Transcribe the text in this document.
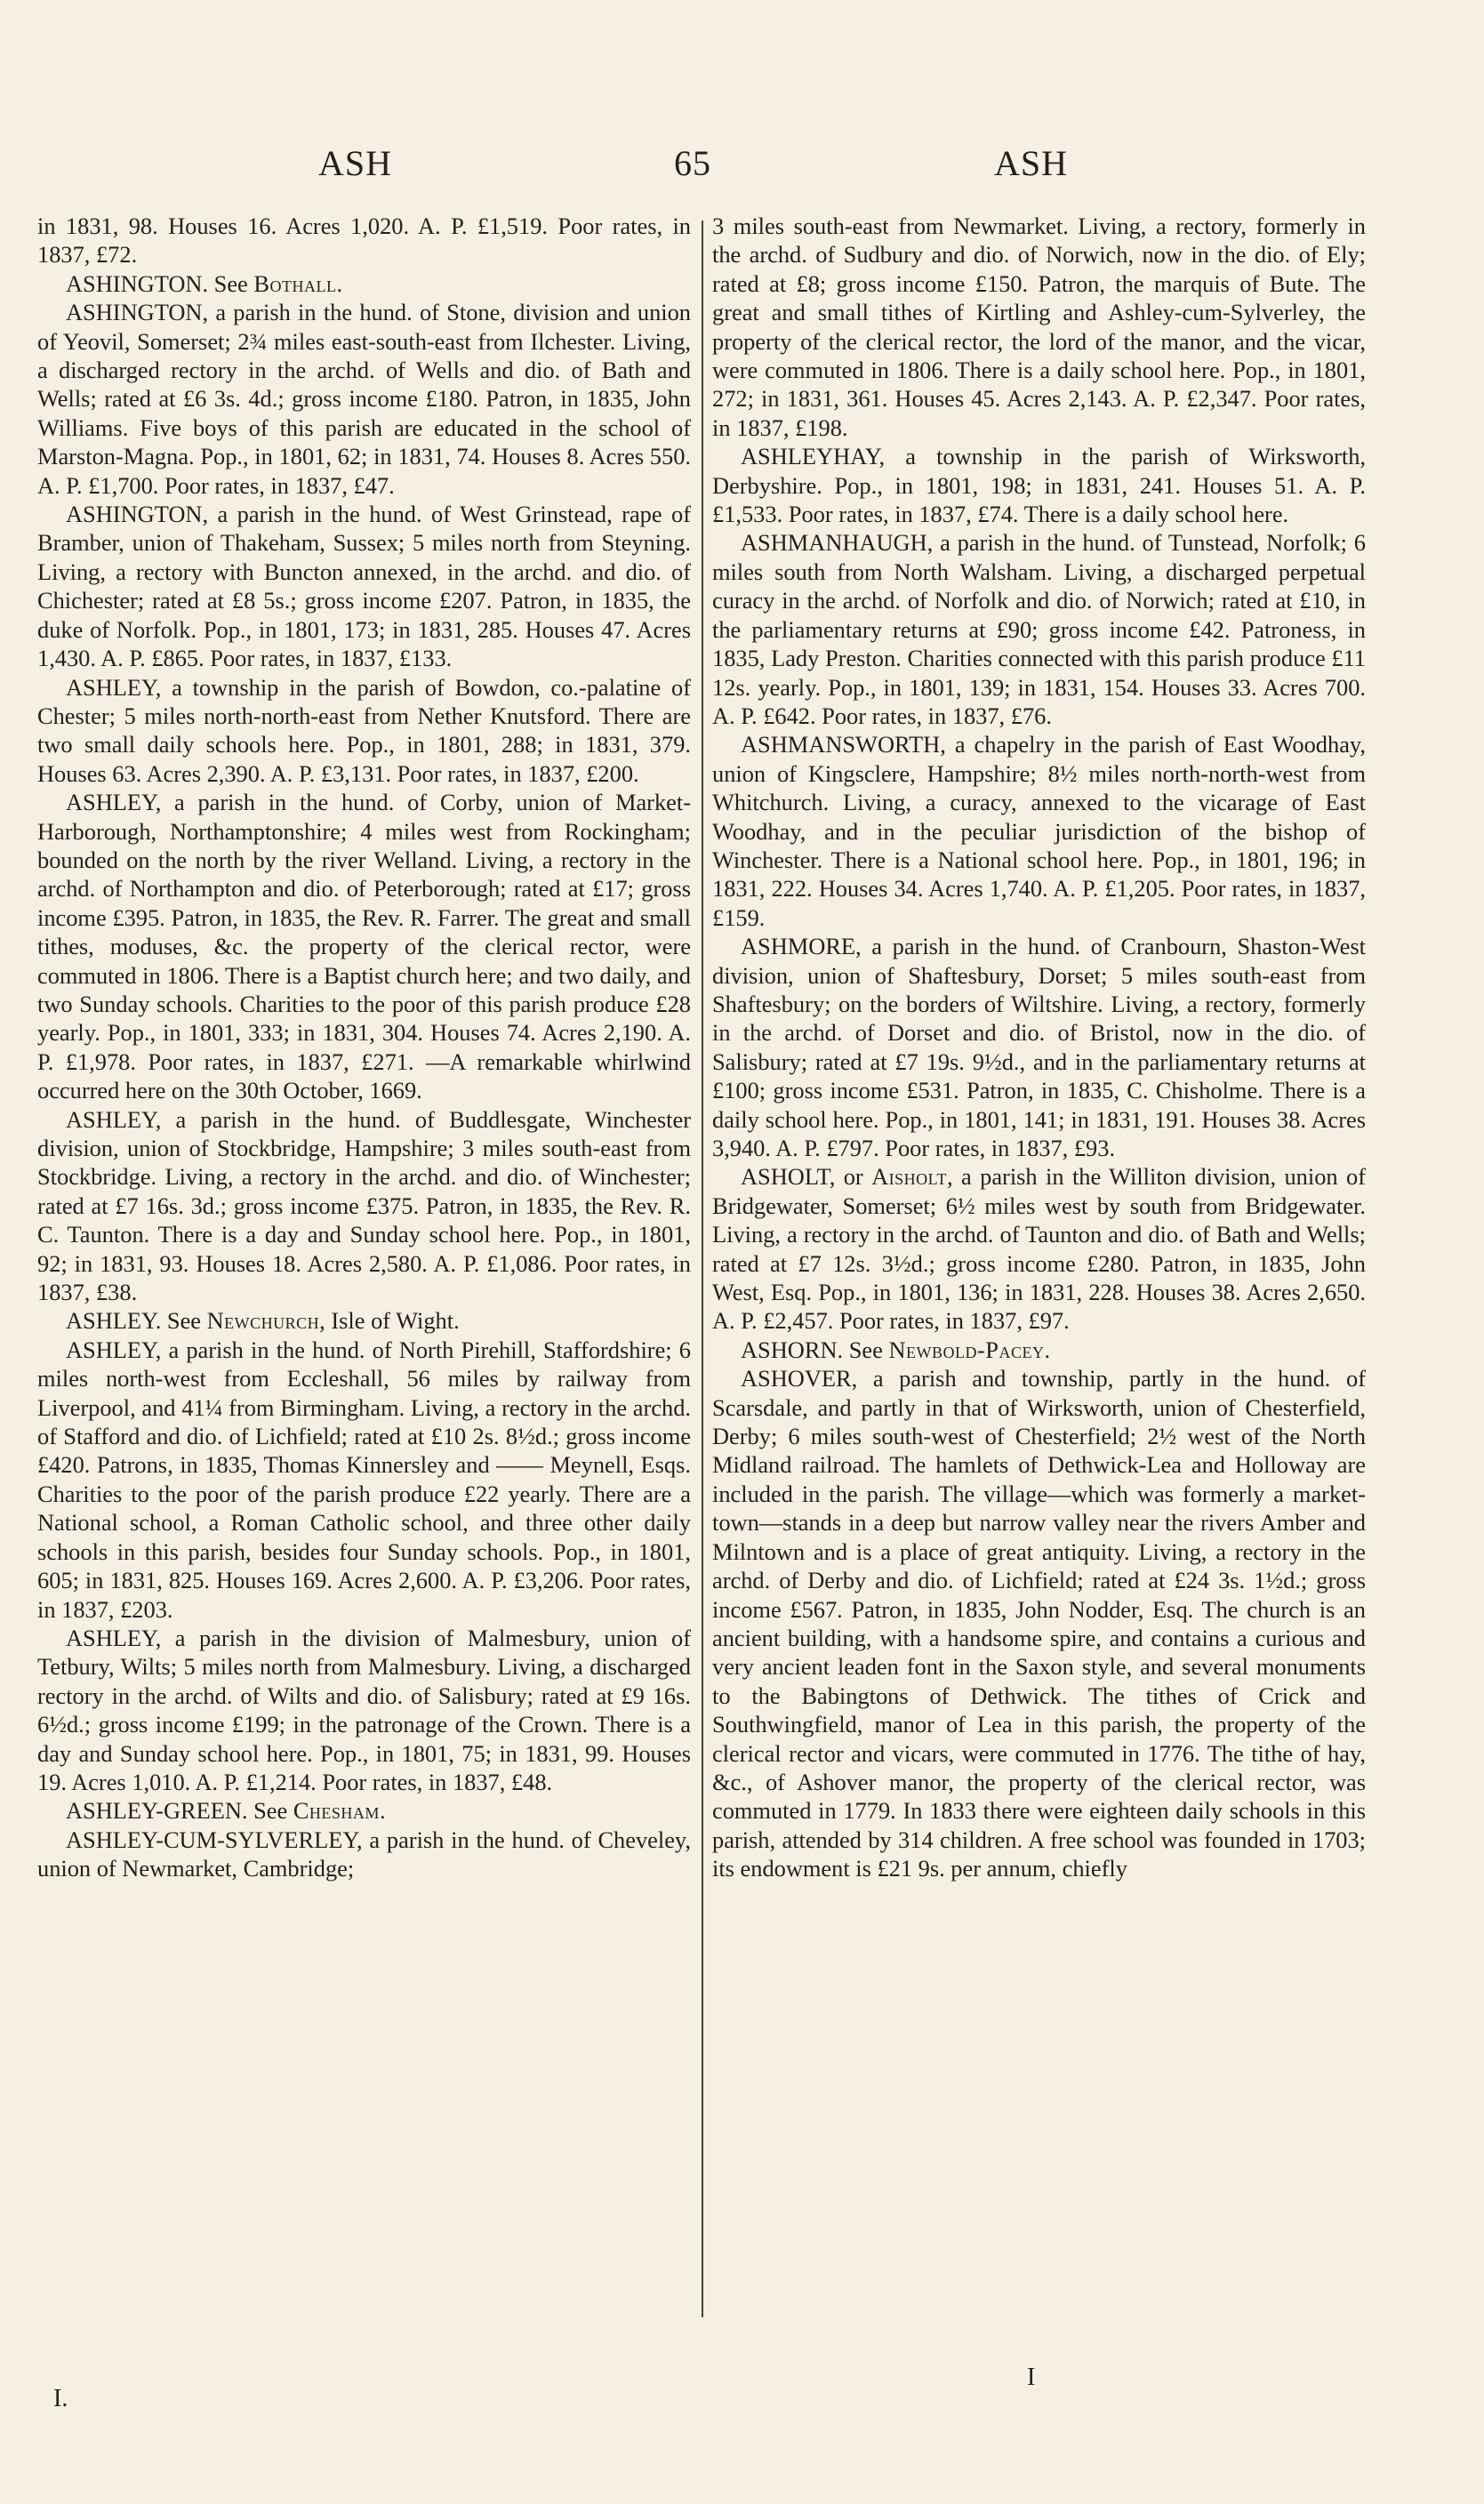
ASH	65	ASH

in 1831, 98. Houses 16. Acres 1,020. A. P. £1,519. Poor rates, in 1837, £72.

ASHINGTON. See Bothall.

ASHINGTON, a parish in the hund. of Stone, division and union of Yeovil, Somerset; 2¾ miles east-south-east from Ilchester. Living, a discharged rectory in the archd. of Wells and dio. of Bath and Wells; rated at £6 3s. 4d.; gross income £180. Patron, in 1835, John Williams. Five boys of this parish are educated in the school of Marston-Magna. Pop., in 1801, 62; in 1831, 74. Houses 8. Acres 550. A. P. £1,700. Poor rates, in 1837, £47.

ASHINGTON, a parish in the hund. of West Grinstead, rape of Bramber, union of Thakeham, Sussex; 5 miles north from Steyning. Living, a rectory with Buncton annexed, in the archd. and dio. of Chichester; rated at £8 5s.; gross income £207. Patron, in 1835, the duke of Norfolk. Pop., in 1801, 173; in 1831, 285. Houses 47. Acres 1,430. A. P. £865. Poor rates, in 1837, £133.

ASHLEY, a township in the parish of Bowdon, co.-palatine of Chester; 5 miles north-north-east from Nether Knutsford. There are two small daily schools here. Pop., in 1801, 288; in 1831, 379. Houses 63. Acres 2,390. A. P. £3,131. Poor rates, in 1837, £200.

ASHLEY, a parish in the hund. of Corby, union of Market-Harborough, Northamptonshire; 4 miles west from Rockingham; bounded on the north by the river Welland. Living, a rectory in the archd. of Northampton and dio. of Peterborough; rated at £17; gross income £395. Patron, in 1835, the Rev. R. Farrer. The great and small tithes, moduses, &c. the property of the clerical rector, were commuted in 1806. There is a Baptist church here; and two daily, and two Sunday schools. Charities to the poor of this parish produce £28 yearly. Pop., in 1801, 333; in 1831, 304. Houses 74. Acres 2,190. A. P. £1,978. Poor rates, in 1837, £271. —A remarkable whirlwind occurred here on the 30th October, 1669.

ASHLEY, a parish in the hund. of Buddlesgate, Winchester division, union of Stockbridge, Hampshire; 3 miles south-east from Stockbridge. Living, a rectory in the archd. and dio. of Winchester; rated at £7 16s. 3d.; gross income £375. Patron, in 1835, the Rev. R. C. Taunton. There is a day and Sunday school here. Pop., in 1801, 92; in 1831, 93. Houses 18. Acres 2,580. A. P. £1,086. Poor rates, in 1837, £38.

ASHLEY. See Newchurch, Isle of Wight.

ASHLEY, a parish in the hund. of North Pirehill, Staffordshire; 6 miles north-west from Eccleshall, 56 miles by railway from Liverpool, and 41¼ from Birmingham. Living, a rectory in the archd. of Stafford and dio. of Lichfield; rated at £10 2s. 8½d.; gross income £420. Patrons, in 1835, Thomas Kinnersley and —— Meynell, Esqs. Charities to the poor of the parish produce £22 yearly. There are a National school, a Roman Catholic school, and three other daily schools in this parish, besides four Sunday schools. Pop., in 1801, 605; in 1831, 825. Houses 169. Acres 2,600. A. P. £3,206. Poor rates, in 1837, £203.

ASHLEY, a parish in the division of Malmesbury, union of Tetbury, Wilts; 5 miles north from Malmesbury. Living, a discharged rectory in the archd. of Wilts and dio. of Salisbury; rated at £9 16s. 6½d.; gross income £199; in the patronage of the Crown. There is a day and Sunday school here. Pop., in 1801, 75; in 1831, 99. Houses 19. Acres 1,010. A. P. £1,214. Poor rates, in 1837, £48.

ASHLEY-GREEN. See Chesham.

ASHLEY-CUM-SYLVERLEY, a parish in the hund. of Cheveley, union of Newmarket, Cambridge;

3 miles south-east from Newmarket. Living, a rectory, formerly in the archd. of Sudbury and dio. of Norwich, now in the dio. of Ely; rated at £8; gross income £150. Patron, the marquis of Bute. The great and small tithes of Kirtling and Ashley-cum-Sylverley, the property of the clerical rector, the lord of the manor, and the vicar, were commuted in 1806. There is a daily school here. Pop., in 1801, 272; in 1831, 361. Houses 45. Acres 2,143. A. P. £2,347. Poor rates, in 1837, £198.

ASHLEYHAY, a township in the parish of Wirksworth, Derbyshire. Pop., in 1801, 198; in 1831, 241. Houses 51. A. P. £1,533. Poor rates, in 1837, £74. There is a daily school here.

ASHMANHAUGH, a parish in the hund. of Tunstead, Norfolk; 6 miles south from North Walsham. Living, a discharged perpetual curacy in the archd. of Norfolk and dio. of Norwich; rated at £10, in the parliamentary returns at £90; gross income £42. Patroness, in 1835, Lady Preston. Charities connected with this parish produce £11 12s. yearly. Pop., in 1801, 139; in 1831, 154. Houses 33. Acres 700. A. P. £642. Poor rates, in 1837, £76.

ASHMANSWORTH, a chapelry in the parish of East Woodhay, union of Kingsclere, Hampshire; 8½ miles north-north-west from Whitchurch. Living, a curacy, annexed to the vicarage of East Woodhay, and in the peculiar jurisdiction of the bishop of Winchester. There is a National school here. Pop., in 1801, 196; in 1831, 222. Houses 34. Acres 1,740. A. P. £1,205. Poor rates, in 1837, £159.

ASHMORE, a parish in the hund. of Cranbourn, Shaston-West division, union of Shaftesbury, Dorset; 5 miles south-east from Shaftesbury; on the borders of Wiltshire. Living, a rectory, formerly in the archd. of Dorset and dio. of Bristol, now in the dio. of Salisbury; rated at £7 19s. 9½d., and in the parliamentary returns at £100; gross income £531. Patron, in 1835, C. Chisholme. There is a daily school here. Pop., in 1801, 141; in 1831, 191. Houses 38. Acres 3,940. A. P. £797. Poor rates, in 1837, £93.

ASHOLT, or Aisholt, a parish in the Williton division, union of Bridgewater, Somerset; 6½ miles west by south from Bridgewater. Living, a rectory in the archd. of Taunton and dio. of Bath and Wells; rated at £7 12s. 3½d.; gross income £280. Patron, in 1835, John West, Esq. Pop., in 1801, 136; in 1831, 228. Houses 38. Acres 2,650. A. P. £2,457. Poor rates, in 1837, £97.

ASHORN. See Newbold-Pacey.

ASHOVER, a parish and township, partly in the hund. of Scarsdale, and partly in that of Wirksworth, union of Chesterfield, Derby; 6 miles south-west of Chesterfield; 2½ west of the North Midland railroad. The hamlets of Dethwick-Lea and Holloway are included in the parish. The village—which was formerly a market-town—stands in a deep but narrow valley near the rivers Amber and Milntown and is a place of great antiquity. Living, a rectory in the archd. of Derby and dio. of Lichfield; rated at £24 3s. 1½d.; gross income £567. Patron, in 1835, John Nodder, Esq. The church is an ancient building, with a handsome spire, and contains a curious and very ancient leaden font in the Saxon style, and several monuments to the Babingtons of Dethwick. The tithes of Crick and Southwingfield, manor of Lea in this parish, the property of the clerical rector and vicars, were commuted in 1776. The tithe of hay, &c., of Ashover manor, the property of the clerical rector, was commuted in 1779. In 1833 there were eighteen daily schools in this parish, attended by 314 children. A free school was founded in 1703; its endowment is £21 9s. per annum, chiefly

I.
I
